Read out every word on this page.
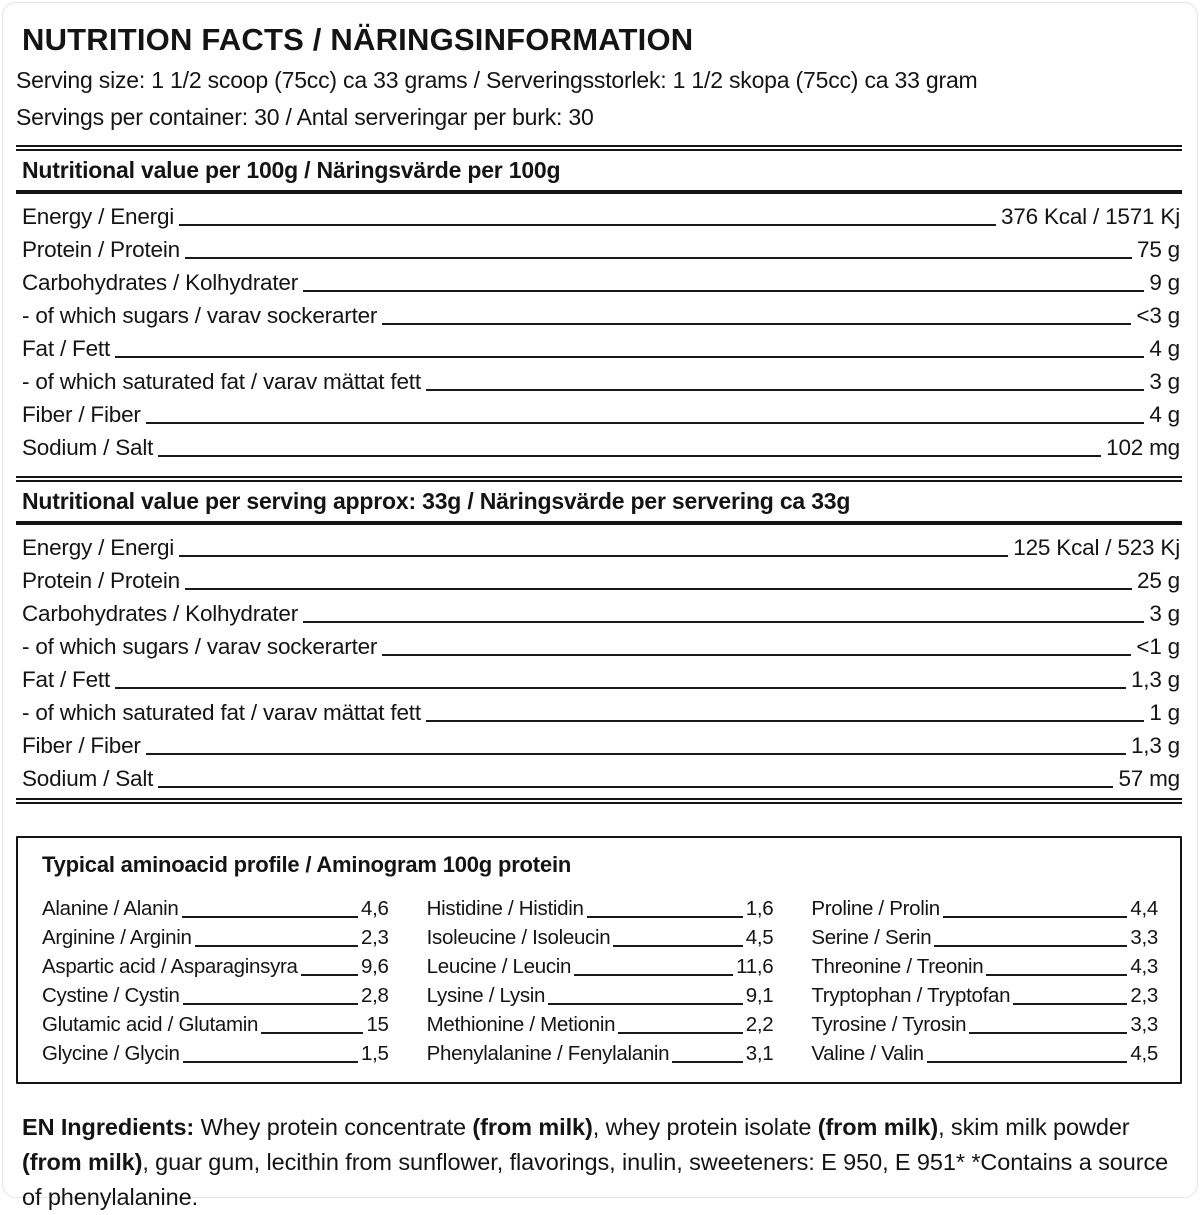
NUTRITION FACTS / NÄRINGSINFORMATION
Serving size: 1 1/2 scoop (75cc) ca 33 grams / Serveringsstorlek: 1 1/2 skopa (75cc) ca 33 gram
Servings per container: 30 / Antal serveringar per burk: 30
Nutritional value per 100g / Näringsvärde per 100g
Energy / Energi	376 Kcal / 1571 Kj
Protein / Protein	75 g
Carbohydrates / Kolhydrater	9 g
- of which sugars / varav sockerarter	<3 g
Fat / Fett	4 g
- of which saturated fat / varav mättat fett	3 g
Fiber / Fiber	4 g
Sodium / Salt	102 mg
Nutritional value per serving approx: 33g / Näringsvärde per servering ca 33g
Energy / Energi	125 Kcal / 523 Kj
Protein / Protein	25 g
Carbohydrates / Kolhydrater	3 g
- of which sugars / varav sockerarter	<1 g
Fat / Fett	1,3 g
- of which saturated fat / varav mättat fett	1 g
Fiber / Fiber	1,3 g
Sodium / Salt	57 mg
Typical aminoacid profile / Aminogram 100g protein
Alanine / Alanin	4,6
Arginine / Arginin	2,3
Aspartic acid / Asparaginsyra	9,6
Cystine / Cystin	2,8
Glutamic acid / Glutamin	15
Glycine / Glycin	1,5
Histidine / Histidin	1,6
Isoleucine / Isoleucin	4,5
Leucine / Leucin	11,6
Lysine / Lysin	9,1
Methionine / Metionin	2,2
Phenylalanine / Fenylalanin	3,1
Proline / Prolin	4,4
Serine / Serin	3,3
Threonine / Treonin	4,3
Tryptophan / Tryptofan	2,3
Tyrosine / Tyrosin	3,3
Valine / Valin	4,5

EN Ingredients: Whey protein concentrate (from milk), whey protein isolate (from milk), skim milk powder (from milk), guar gum, lecithin from sunflower, flavorings, inulin, sweeteners: E 950, E 951* *Contains a source of phenylalanine.
